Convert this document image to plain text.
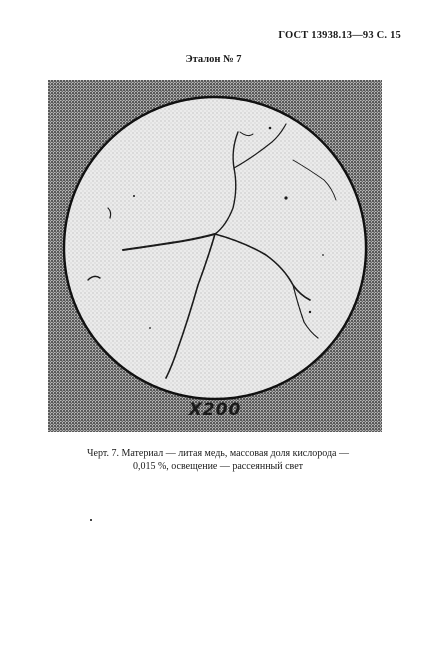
ГОСТ 13938.13—93 С. 15
Эталон № 7
X200
Черт. 7. Материал — литая медь, массовая доля кислорода —
0,015 %, освещение — рассеянный свет
